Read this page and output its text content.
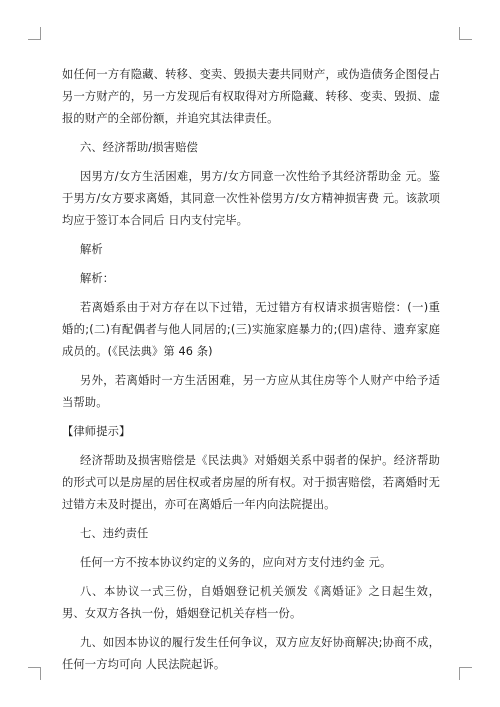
如任何一方有隐藏、转移、变卖、毁损夫妻共同财产，或伪造债务企图侵占另一方财产的，另一方发现后有权取得对方所隐藏、转移、变卖、毁损、虚报的财产的全部份额，并追究其法律责任。

六、经济帮助/损害赔偿

因男方/女方生活困难，男方/女方同意一次性给予其经济帮助金 元。鉴于男方/女方要求离婚，其同意一次性补偿男方/女方精神损害费 元。该款项均应于签订本合同后 日内支付完毕。

解析

解析：

若离婚系由于对方存在以下过错，无过错方有权请求损害赔偿：(一)重婚的;(二)有配偶者与他人同居的;(三)实施家庭暴力的;(四)虐待、遗弃家庭成员的。(《民法典》第 46 条)

另外，若离婚时一方生活困难，另一方应从其住房等个人财产中给予适当帮助。

【律师提示】

经济帮助及损害赔偿是《民法典》对婚姻关系中弱者的保护。经济帮助的形式可以是房屋的居住权或者房屋的所有权。对于损害赔偿，若离婚时无过错方未及时提出，亦可在离婚后一年内向法院提出。

七、违约责任

任何一方不按本协议约定的义务的，应向对方支付违约金 元。

八、本协议一式三份，自婚姻登记机关颁发《离婚证》之日起生效，男、女双方各执一份，婚姻登记机关存档一份。

九、如因本协议的履行发生任何争议，双方应友好协商解决;协商不成，任何一方均可向 人民法院起诉。
